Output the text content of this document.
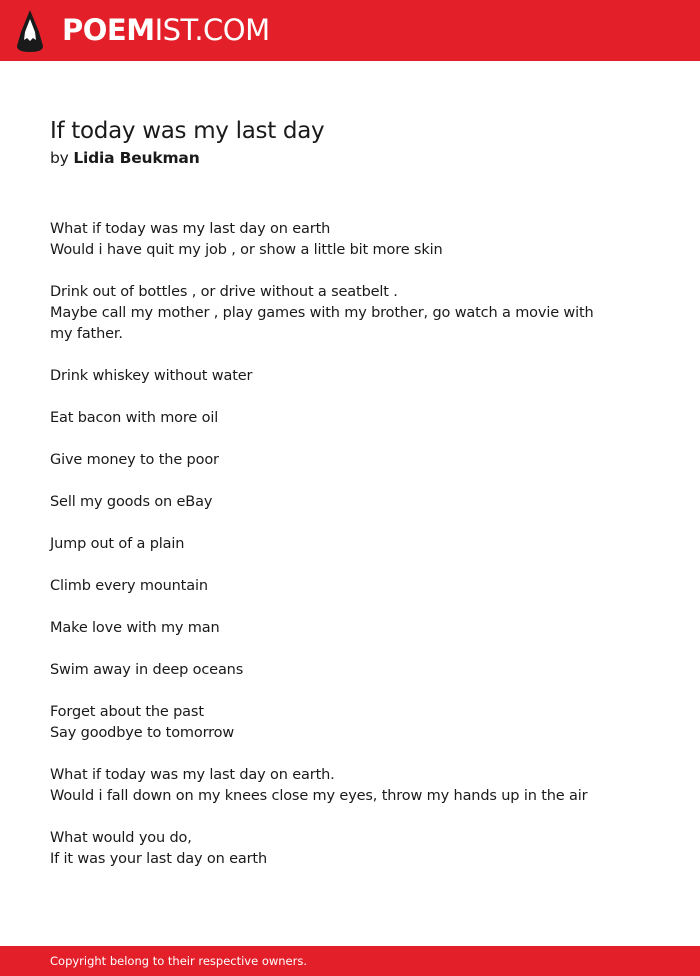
POEMIST.COM
If today was my last day
by Lidia Beukman
What if today was my last day on earth
Would i have quit my job , or show a little bit more skin
Drink out of bottles , or drive without a seatbelt .
Maybe call my mother , play games with my brother, go watch a movie with my father.
Drink whiskey without water
Eat bacon with more oil
Give money to the poor
Sell my goods on eBay
Jump out of a plain
Climb every mountain
Make love with my man
Swim away in deep oceans
Forget about the past
Say goodbye to tomorrow
What if today was my last day on earth.
Would i fall down on my knees close my eyes, throw my hands up in the air
What would you do,
If it was your last day on earth
Copyright belong to their respective owners.
